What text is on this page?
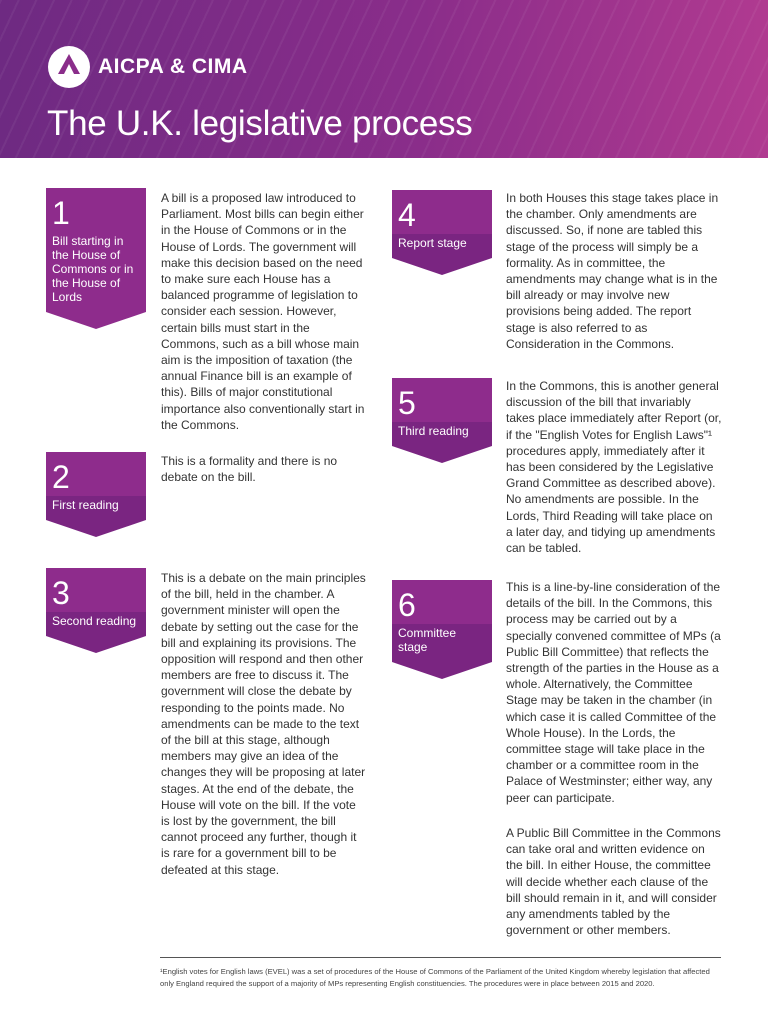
AICPA & CIMA
The U.K. legislative process
1
Bill starting in the House of Commons or in the House of Lords

A bill is a proposed law introduced to Parliament. Most bills can begin either in the House of Commons or in the House of Lords. The government will make this decision based on the need to make sure each House has a balanced programme of legislation to consider each session. However, certain bills must start in the Commons, such as a bill whose main aim is the imposition of taxation (the annual Finance bill is an example of this). Bills of major constitutional importance also conventionally start in the Commons.

2
First reading

This is a formality and there is no debate on the bill.

3
Second reading

This is a debate on the main principles of the bill, held in the chamber. A government minister will open the debate by setting out the case for the bill and explaining its provisions. The opposition will respond and then other members are free to discuss it. The government will close the debate by responding to the points made. No amendments can be made to the text of the bill at this stage, although members may give an idea of the changes they will be proposing at later stages. At the end of the debate, the House will vote on the bill. If the vote is lost by the government, the bill cannot proceed any further, though it is rare for a government bill to be defeated at this stage.

4
Report stage

In both Houses this stage takes place in the chamber. Only amendments are discussed. So, if none are tabled this stage of the process will simply be a formality. As in committee, the amendments may change what is in the bill already or may involve new provisions being added. The report stage is also referred to as Consideration in the Commons.

5
Third reading

In the Commons, this is another general discussion of the bill that invariably takes place immediately after Report (or, if the "English Votes for English Laws"¹ procedures apply, immediately after it has been considered by the Legislative Grand Committee as described above). No amendments are possible. In the Lords, Third Reading will take place on a later day, and tidying up amendments can be tabled.

6
Committee stage

This is a line-by-line consideration of the details of the bill. In the Commons, this process may be carried out by a specially convened committee of MPs (a Public Bill Committee) that reflects the strength of the parties in the House as a whole. Alternatively, the Committee Stage may be taken in the chamber (in which case it is called Committee of the Whole House). In the Lords, the committee stage will take place in the chamber or a committee room in the Palace of Westminster; either way, any peer can participate.

A Public Bill Committee in the Commons can take oral and written evidence on the bill. In either House, the committee will decide whether each clause of the bill should remain in it, and will consider any amendments tabled by the government or other members.

¹English votes for English laws (EVEL) was a set of procedures of the House of Commons of the Parliament of the United Kingdom whereby legislation that affected only England required the support of a majority of MPs representing English constituencies. The procedures were in place between 2015 and 2020.
